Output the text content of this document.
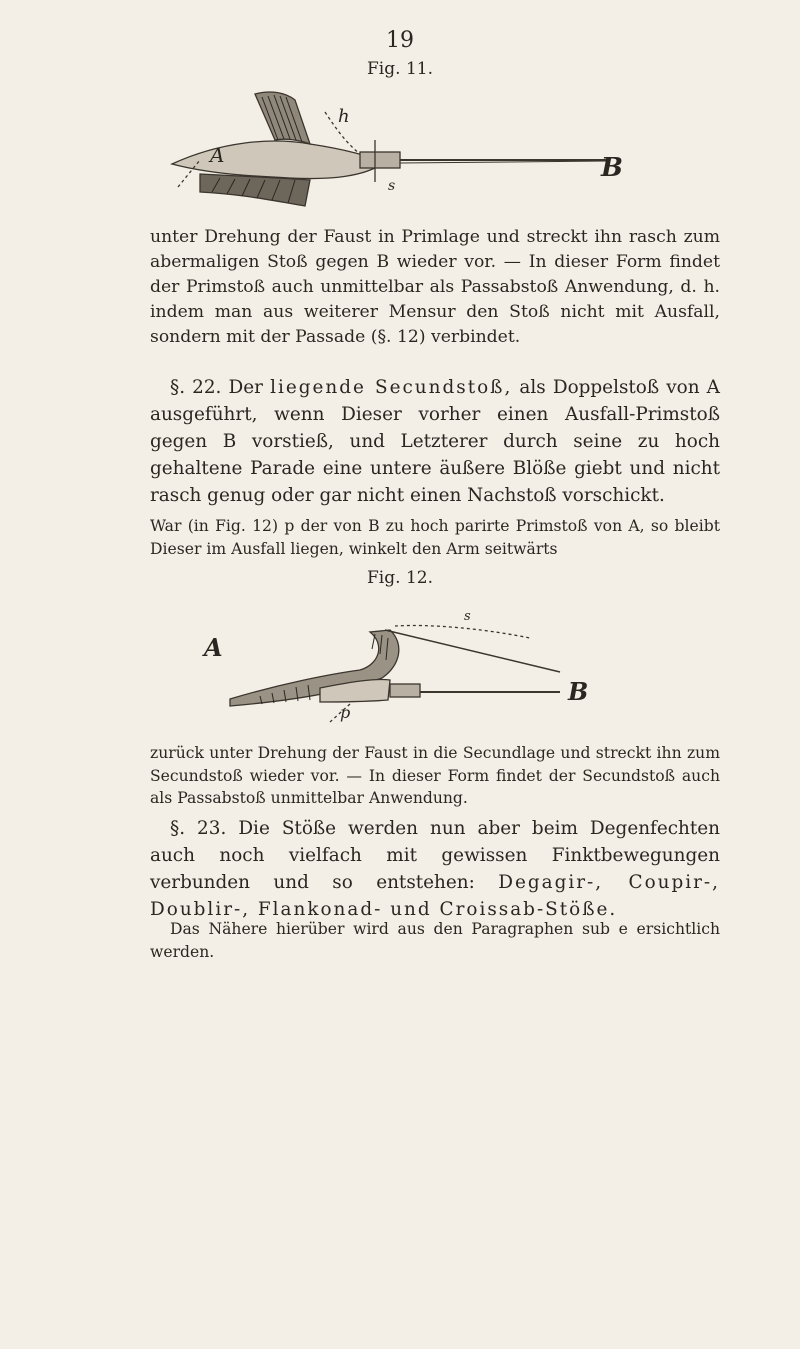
19
Fig. 11.
h
A	B
s

unter Drehung der Faust in Primlage und streckt ihn rasch zum abermaligen Stoß gegen B wieder vor. — In dieser Form findet der Primstoß auch unmittelbar als Passabstoß Anwendung, d. h. indem man aus weiterer Mensur den Stoß nicht mit Ausfall, sondern mit der Passade (§. 12) verbindet.

§. 22. Der liegende Secundstoß, als Doppelstoß von A ausgeführt, wenn Dieser vorher einen Ausfall-Primstoß gegen B vorstieß, und Letzterer durch seine zu hoch gehaltene Parade eine untere äußere Blöße giebt und nicht rasch genug oder gar nicht einen Nachstoß vorschickt.

War (in Fig. 12) p der von B zu hoch parirte Primstoß von A, so bleibt Dieser im Ausfall liegen, winkelt den Arm seitwärts

Fig. 12.
A
B
s
p

zurück unter Drehung der Faust in die Secundlage und streckt ihn zum Secundstoß wieder vor. — In dieser Form findet der Secundstoß auch als Passabstoß unmittelbar Anwendung.

§. 23. Die Stöße werden nun aber beim Degenfechten auch noch vielfach mit gewissen Finktbewegungen verbunden und so entstehen: Degagir-, Coupir-, Doublir-, Flankonad- und Croissab-Stöße.

Das Nähere hierüber wird aus den Paragraphen sub e ersichtlich werden.
